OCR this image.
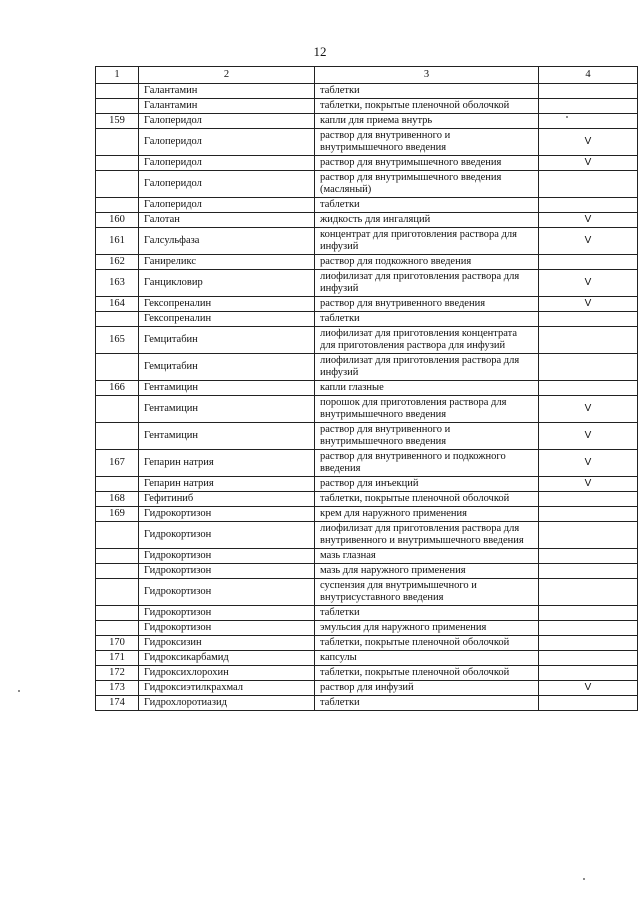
12
1	2	3	4
	Галантамин	таблетки	
	Галантамин	таблетки, покрытые пленочной оболочкой	
159	Галоперидол	капли для приема внутрь	
	Галоперидол	раствор для внутривенного и внутримышечного введения	V
	Галоперидол	раствор для внутримышечного введения	V
	Галоперидол	раствор для внутримышечного введения (масляный)	
	Галоперидол	таблетки	
160	Галотан	жидкость для ингаляций	V
161	Галсульфаза	концентрат для приготовления раствора для инфузий	V
162	Ганиреликс	раствор для подкожного введения	
163	Ганцикловир	лиофилизат для приготовления раствора для инфузий	V
164	Гексопреналин	раствор для внутривенного введения	V
	Гексопреналин	таблетки	
165	Гемцитабин	лиофилизат для приготовления концентрата для приготовления раствора для инфузий	
	Гемцитабин	лиофилизат для приготовления раствора для инфузий	
166	Гентамицин	капли глазные	
	Гентамицин	порошок для приготовления раствора для внутримышечного введения	V
	Гентамицин	раствор для внутривенного и внутримышечного введения	V
167	Гепарин натрия	раствор для внутривенного и подкожного введения	V
	Гепарин натрия	раствор для инъекций	V
168	Гефитиниб	таблетки, покрытые пленочной оболочкой	
169	Гидрокортизон	крем для наружного применения	
	Гидрокортизон	лиофилизат для приготовления раствора для внутривенного и внутримышечного введения	
	Гидрокортизон	мазь глазная	
	Гидрокортизон	мазь для наружного применения	
	Гидрокортизон	суспензия для внутримышечного и внутрисуставного введения	
	Гидрокортизон	таблетки	
	Гидрокортизон	эмульсия для наружного применения	
170	Гидроксизин	таблетки, покрытые пленочной оболочкой	
171	Гидроксикарбамид	капсулы	
172	Гидроксихлорохин	таблетки, покрытые пленочной оболочкой	
173	Гидроксиэтилкрахмал	раствор для инфузий	V
174	Гидрохлоротиазид	таблетки	
